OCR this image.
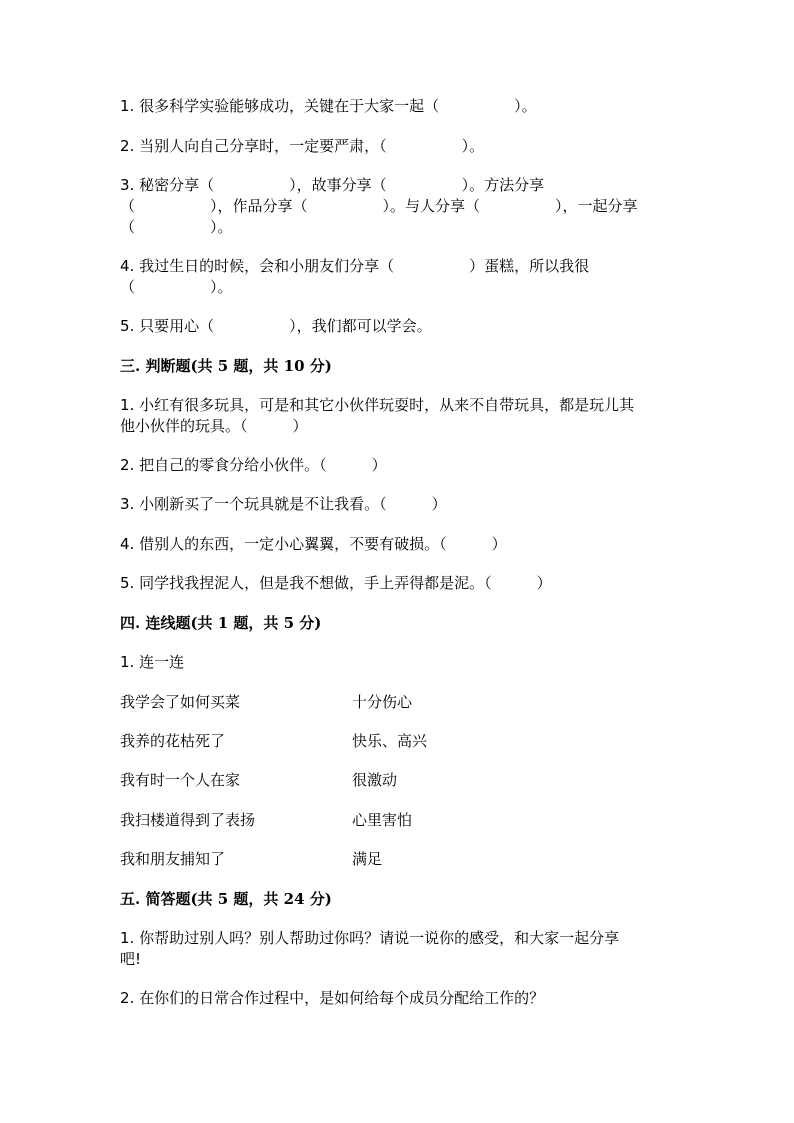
1. 很多科学实验能够成功，关键在于大家一起（　　　　　）。
2. 当别人向自己分享时，一定要严肃，（　　　　　）。
3. 秘密分享（　　　　　），故事分享（　　　　　）。方法分享
（　　　　　），作品分享（　　　　　）。与人分享（　　　　　），一起分享
（　　　　　）。
4. 我过生日的时候，会和小朋友们分享（　　　　　）蛋糕，所以我很
（　　　　　）。
5. 只要用心（　　　　　），我们都可以学会。
三. 判断题(共 5 题，共 10 分)
1. 小红有很多玩具，可是和其它小伙伴玩耍时，从来不自带玩具，都是玩儿其
他小伙伴的玩具。（　　　）
2. 把自己的零食分给小伙伴。（　　　）
3. 小刚新买了一个玩具就是不让我看。（　　　）
4. 借别人的东西，一定小心翼翼，不要有破损。（　　　）
5. 同学找我捏泥人，但是我不想做，手上弄得都是泥。（　　　）
四. 连线题(共 1 题，共 5 分)
1. 连一连
我学会了如何买菜	十分伤心
我养的花枯死了	快乐、高兴
我有时一个人在家	很激动
我扫楼道得到了表扬	心里害怕
我和朋友捕知了	满足
五. 简答题(共 5 题，共 24 分)
1. 你帮助过别人吗？别人帮助过你吗？请说一说你的感受，和大家一起分享
吧!
2. 在你们的日常合作过程中，是如何给每个成员分配给工作的？
